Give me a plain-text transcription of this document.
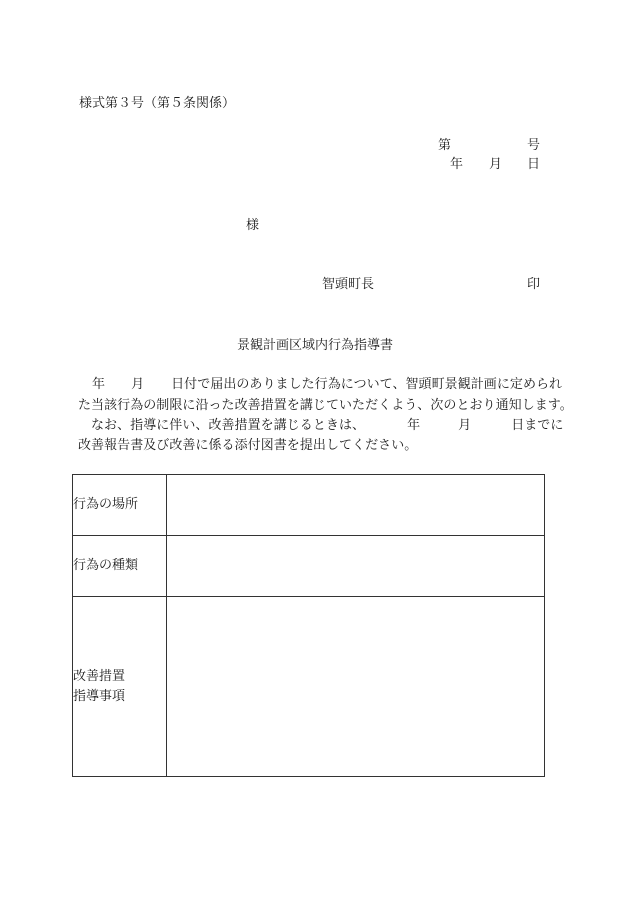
様式第３号（第５条関係）
第	号
年 月 日
様
智頭町長	印
景観計画区域内行為指導書
年 月 日付で届出のありました行為について、智頭町景観計画に定められ
た当該行為の制限に沿った改善措置を講じていただくよう、次のとおり通知します。
なお、指導に伴い、改善措置を講じるときは、	年	月	日までに
改善報告書及び改善に係る添付図書を提出してください。
行為の場所	
行為の種類	

改善措置
指導事項	
